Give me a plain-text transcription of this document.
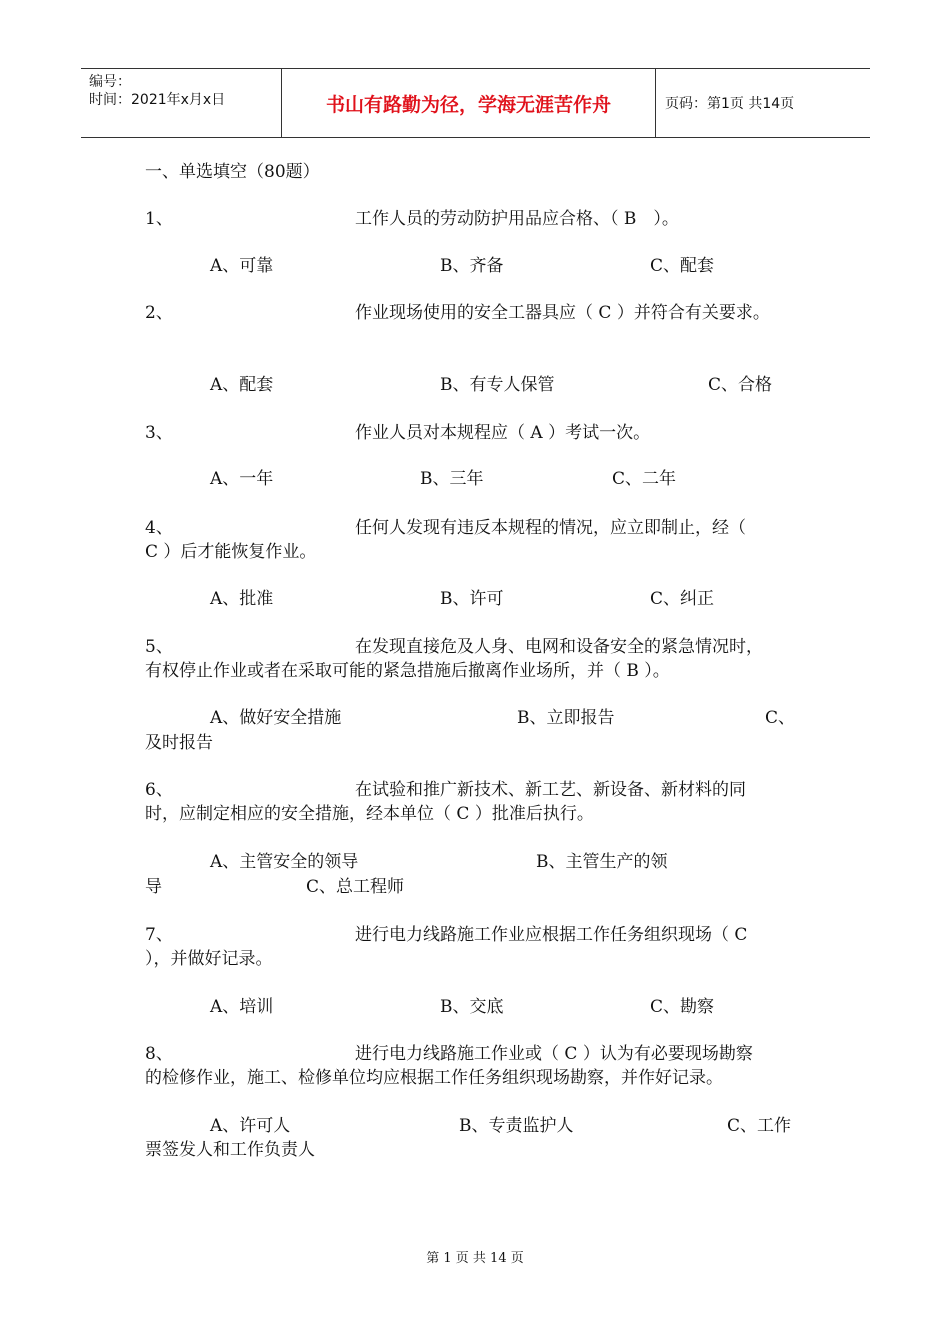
编号：
时间：2021年x月x日	书山有路勤为径，学海无涯苦作舟	页码：第1页 共14页
一、单选填空（80题）
1、	工作人员的劳动防护用品应合格、（ B　）。
A、可靠	B、齐备	C、配套
2、	作业现场使用的安全工器具应（ C ）并符合有关要求。
A、配套	B、有专人保管	C、合格
3、	作业人员对本规程应（ A ）考试一次。
A、一年	B、三年	C、二年
4、	任何人发现有违反本规程的情况，应立即制止，经（
C ）后才能恢复作业。
A、批准	B、许可	C、纠正
5、	在发现直接危及人身、电网和设备安全的紧急情况时，
有权停止作业或者在采取可能的紧急措施后撤离作业场所，并（ B ）。
A、做好安全措施	B、立即报告	C、
及时报告
6、	在试验和推广新技术、新工艺、新设备、新材料的同
时，应制定相应的安全措施，经本单位（ C ）批准后执行。
A、主管安全的领导	B、主管生产的领
导	C、总工程师
7、	进行电力线路施工作业应根据工作任务组织现场（ C
），并做好记录。
A、培训	B、交底	C、勘察
8、	进行电力线路施工作业或（ C ）认为有必要现场勘察
的检修作业，施工、检修单位均应根据工作任务组织现场勘察，并作好记录。
A、许可人	B、专责监护人	C、工作
票签发人和工作负责人
第 1 页 共 14 页
